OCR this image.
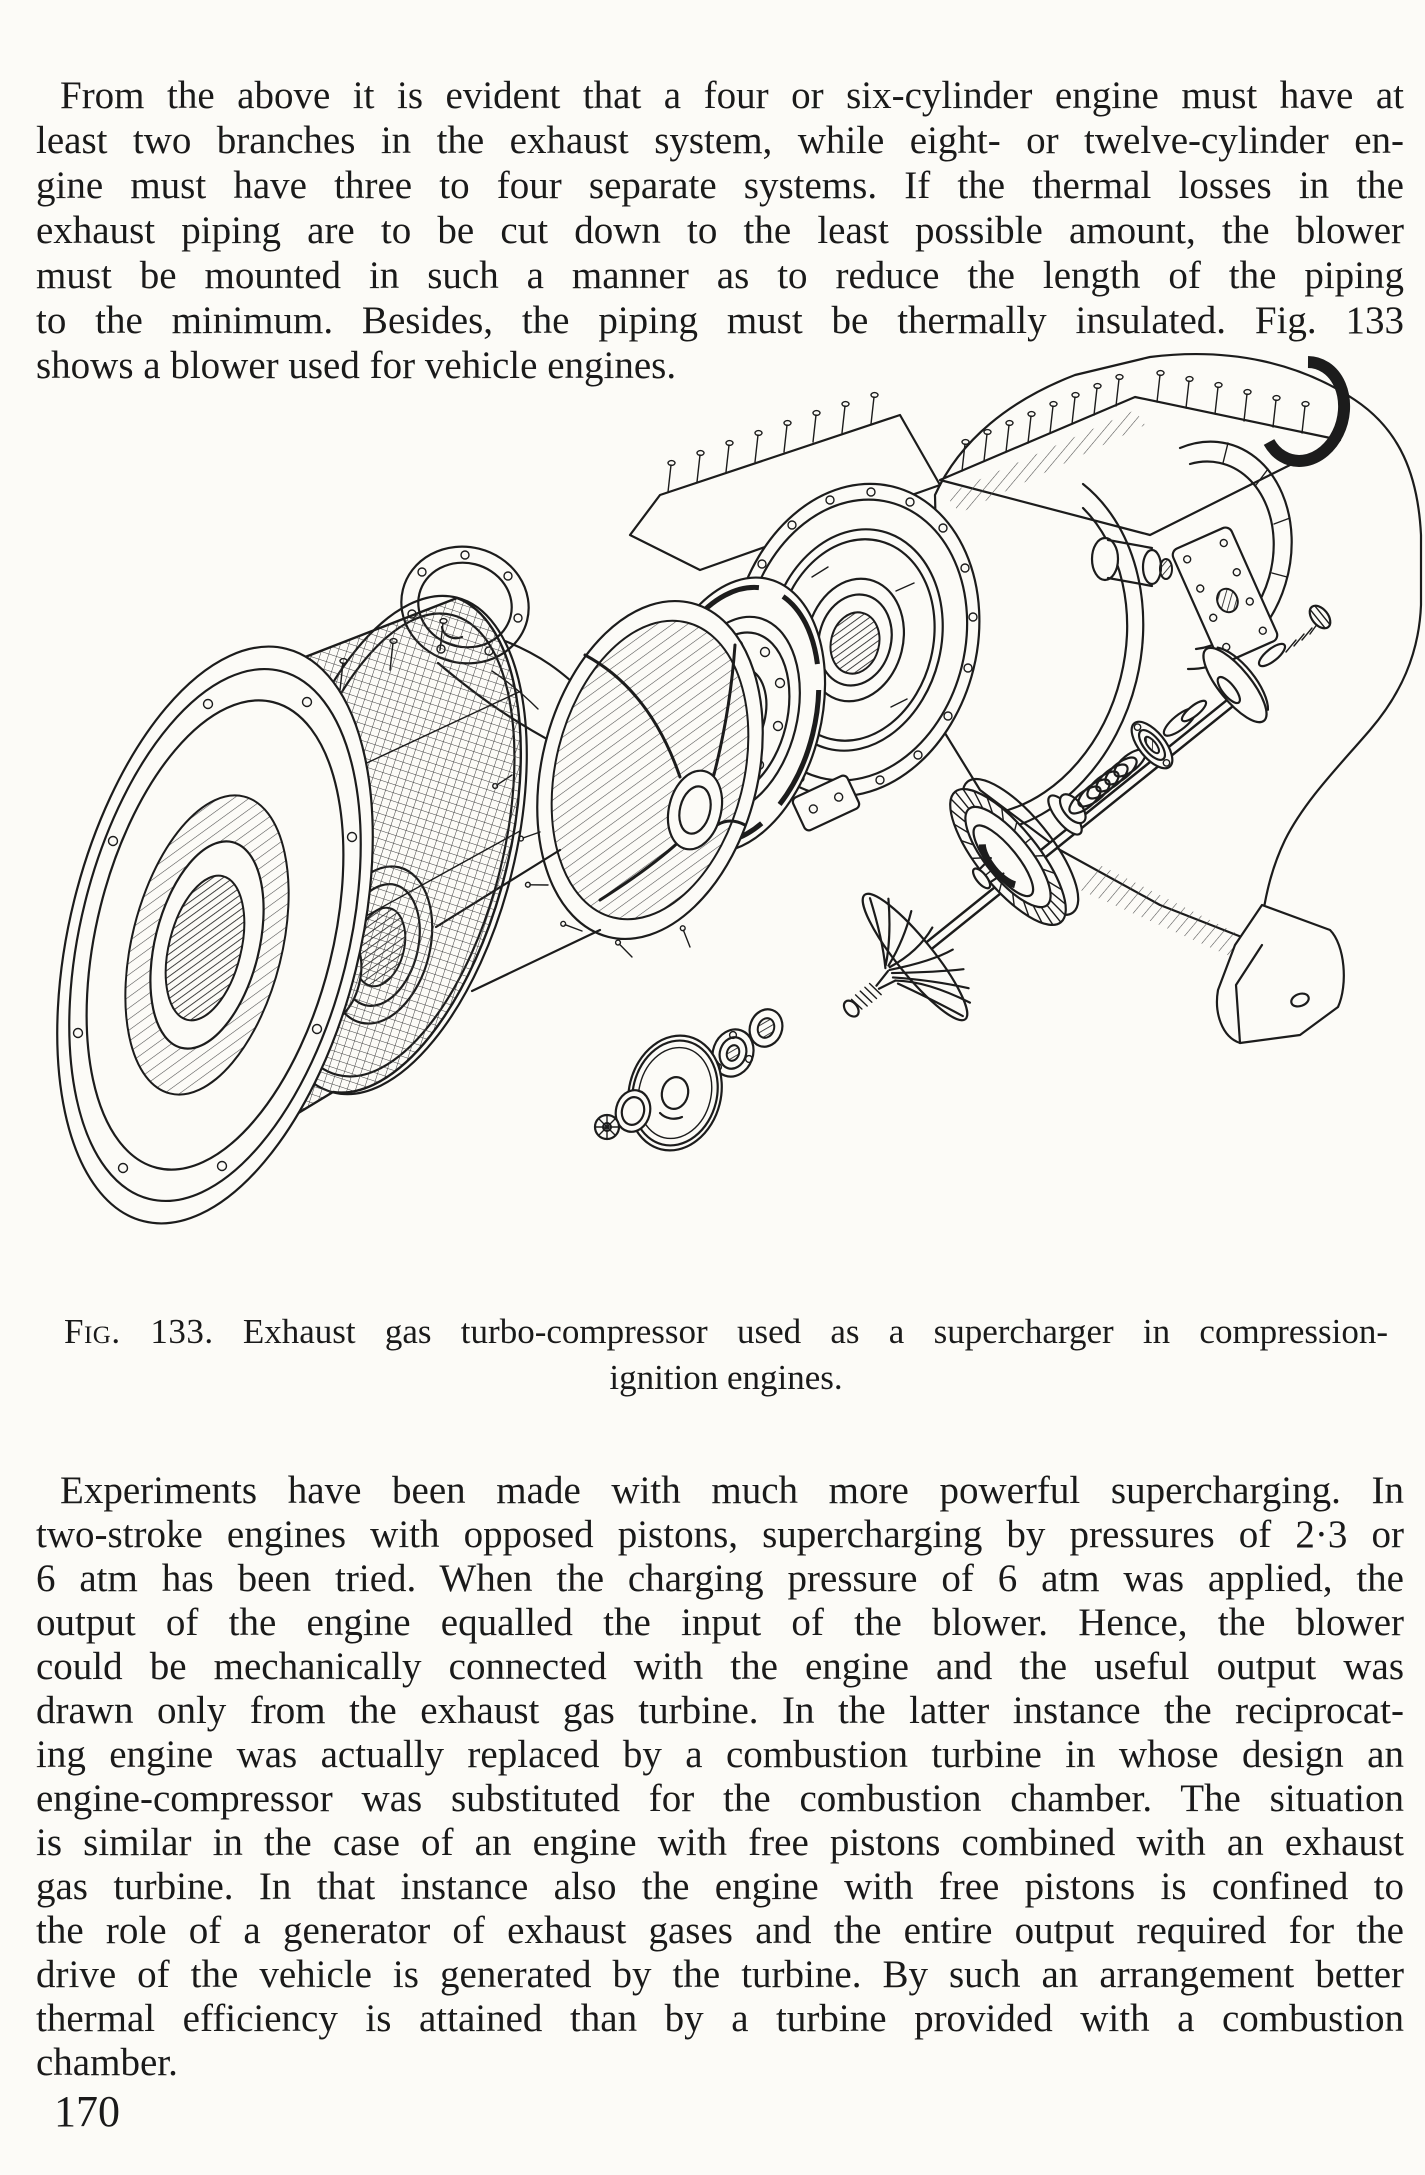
From the above it is evident that a four or six-cylinder engine must have at
least two branches in the exhaust system, while eight- or twelve-cylinder en-
gine must have three to four separate systems. If the thermal losses in the
exhaust piping are to be cut down to the least possible amount, the blower
must be mounted in such a manner as to reduce the length of the piping
to the minimum. Besides, the piping must be thermally insulated. Fig. 133
shows a blower used for vehicle engines.

Fig. 133. Exhaust gas turbo-compressor used as a supercharger in compression-
ignition engines.

Experiments have been made with much more powerful supercharging. In
two-stroke engines with opposed pistons, supercharging by pressures of 2·3 or
6 atm has been tried. When the charging pressure of 6 atm was applied, the
output of the engine equalled the input of the blower. Hence, the blower
could be mechanically connected with the engine and the useful output was
drawn only from the exhaust gas turbine. In the latter instance the reciprocat-
ing engine was actually replaced by a combustion turbine in whose design an
engine-compressor was substituted for the combustion chamber. The situation
is similar in the case of an engine with free pistons combined with an exhaust
gas turbine. In that instance also the engine with free pistons is confined to
the role of a generator of exhaust gases and the entire output required for the
drive of the vehicle is generated by the turbine. By such an arrangement better
thermal efficiency is attained than by a turbine provided with a combustion
chamber.

170
